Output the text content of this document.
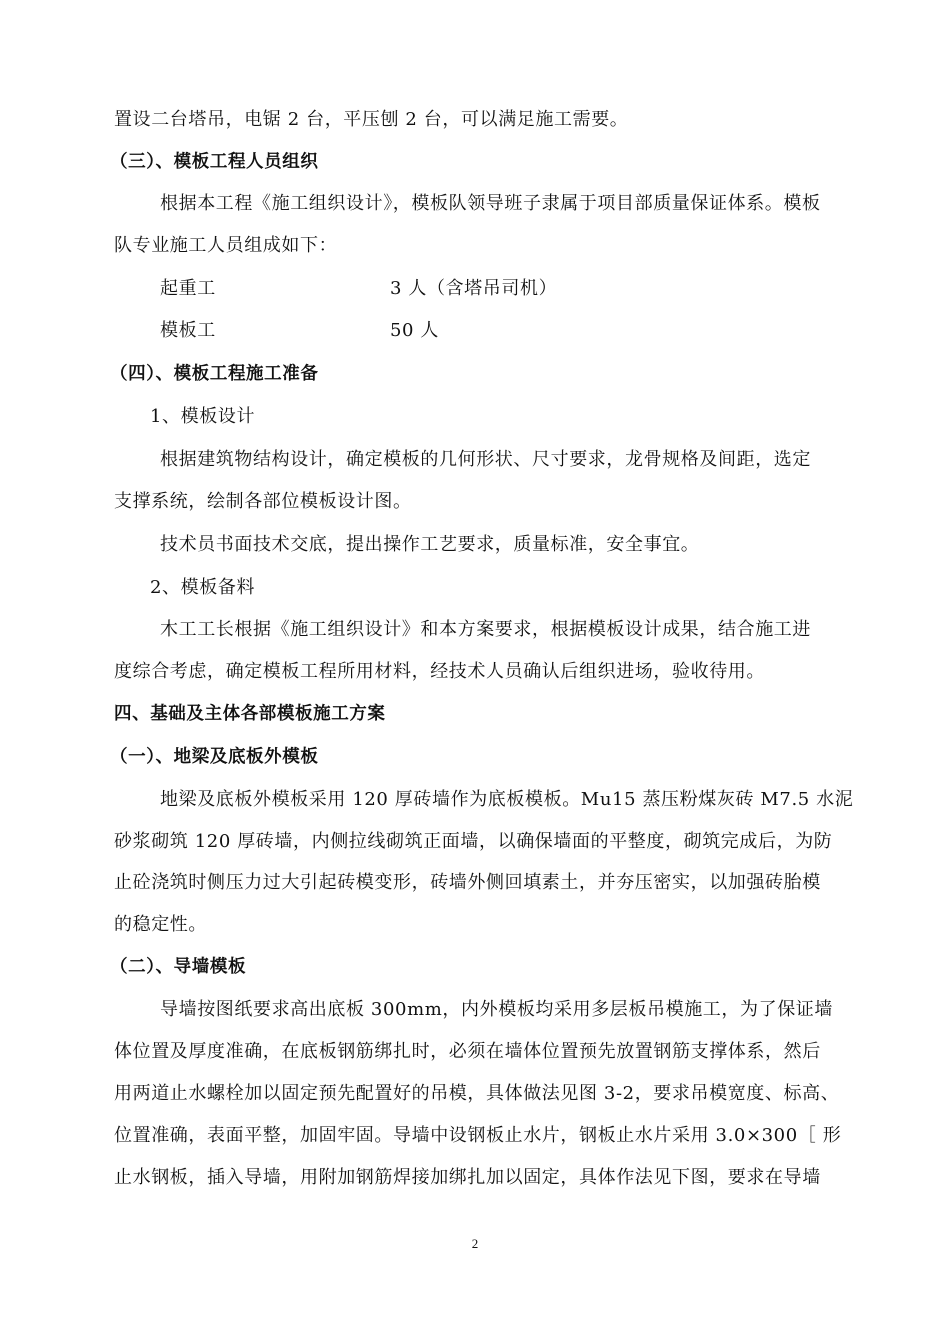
置设二台塔吊，电锯 2 台，平压刨 2 台，可以满足施工需要。
（三）、模板工程人员组织
根据本工程《施工组织设计》，模板队领导班子隶属于项目部质量保证体系。模板
队专业施工人员组成如下：
起重工	3 人（含塔吊司机）
模板工	50 人
（四）、模板工程施工准备
1、模板设计
根据建筑物结构设计，确定模板的几何形状、尺寸要求，龙骨规格及间距，选定
支撑系统，绘制各部位模板设计图。
技术员书面技术交底，提出操作工艺要求，质量标准，安全事宜。
2、模板备料
木工工长根据《施工组织设计》和本方案要求，根据模板设计成果，结合施工进
度综合考虑，确定模板工程所用材料，经技术人员确认后组织进场，验收待用。
四、基础及主体各部模板施工方案
（一）、地梁及底板外模板
地梁及底板外模板采用 120 厚砖墙作为底板模板。Mu15 蒸压粉煤灰砖 M7.5 水泥
砂浆砌筑 120 厚砖墙，内侧拉线砌筑正面墙，以确保墙面的平整度，砌筑完成后，为防
止砼浇筑时侧压力过大引起砖模变形，砖墙外侧回填素土，并夯压密实，以加强砖胎模
的稳定性。
（二）、导墙模板
导墙按图纸要求高出底板 300mm，内外模板均采用多层板吊模施工，为了保证墙
体位置及厚度准确，在底板钢筋绑扎时，必须在墙体位置预先放置钢筋支撑体系，然后
用两道止水螺栓加以固定预先配置好的吊模，具体做法见图 3-2，要求吊模宽度、标高、
位置准确，表面平整，加固牢固。导墙中设钢板止水片，钢板止水片采用 3.0×300［ 形
止水钢板，插入导墙，用附加钢筋焊接加绑扎加以固定，具体作法见下图，要求在导墙
2
